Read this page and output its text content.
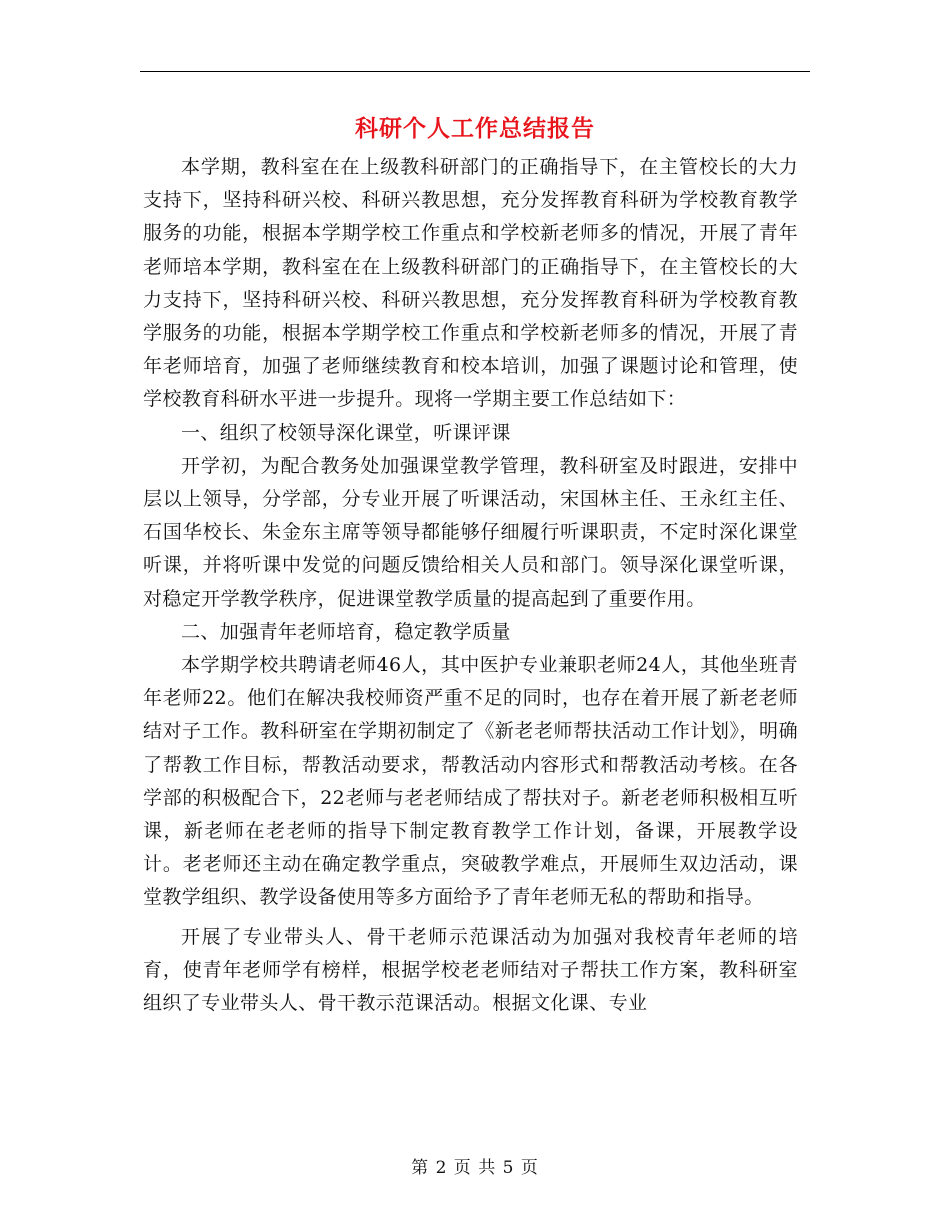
科研个人工作总结报告

本学期，教科室在在上级教科研部门的正确指导下，在主管校长的大力支持下，坚持科研兴校、科研兴教思想，充分发挥教育科研为学校教育教学服务的功能，根据本学期学校工作重点和学校新老师多的情况，开展了青年老师培本学期，教科室在在上级教科研部门的正确指导下，在主管校长的大力支持下，坚持科研兴校、科研兴教思想，充分发挥教育科研为学校教育教学服务的功能，根据本学期学校工作重点和学校新老师多的情况，开展了青年老师培育，加强了老师继续教育和校本培训，加强了课题讨论和管理，使学校教育科研水平进一步提升。现将一学期主要工作总结如下：

一、组织了校领导深化课堂，听课评课

开学初，为配合教务处加强课堂教学管理，教科研室及时跟进，安排中层以上领导，分学部，分专业开展了听课活动，宋国林主任、王永红主任、石国华校长、朱金东主席等领导都能够仔细履行听课职责，不定时深化课堂听课，并将听课中发觉的问题反馈给相关人员和部门。领导深化课堂听课，对稳定开学教学秩序，促进课堂教学质量的提高起到了重要作用。

二、加强青年老师培育，稳定教学质量

本学期学校共聘请老师46人，其中医护专业兼职老师24人，其他坐班青年老师22。他们在解决我校师资严重不足的同时，也存在着开展了新老老师结对子工作。教科研室在学期初制定了《新老老师帮扶活动工作计划》，明确了帮教工作目标，帮教活动要求，帮教活动内容形式和帮教活动考核。在各学部的积极配合下，22老师与老老师结成了帮扶对子。新老老师积极相互听课，新老师在老老师的指导下制定教育教学工作计划，备课，开展教学设计。老老师还主动在确定教学重点，突破教学难点，开展师生双边活动，课堂教学组织、教学设备使用等多方面给予了青年老师无私的帮助和指导。

开展了专业带头人、骨干老师示范课活动为加强对我校青年老师的培育，使青年老师学有榜样，根据学校老老师结对子帮扶工作方案，教科研室组织了专业带头人、骨干教示范课活动。根据文化课、专业

第 2 页 共 5 页
